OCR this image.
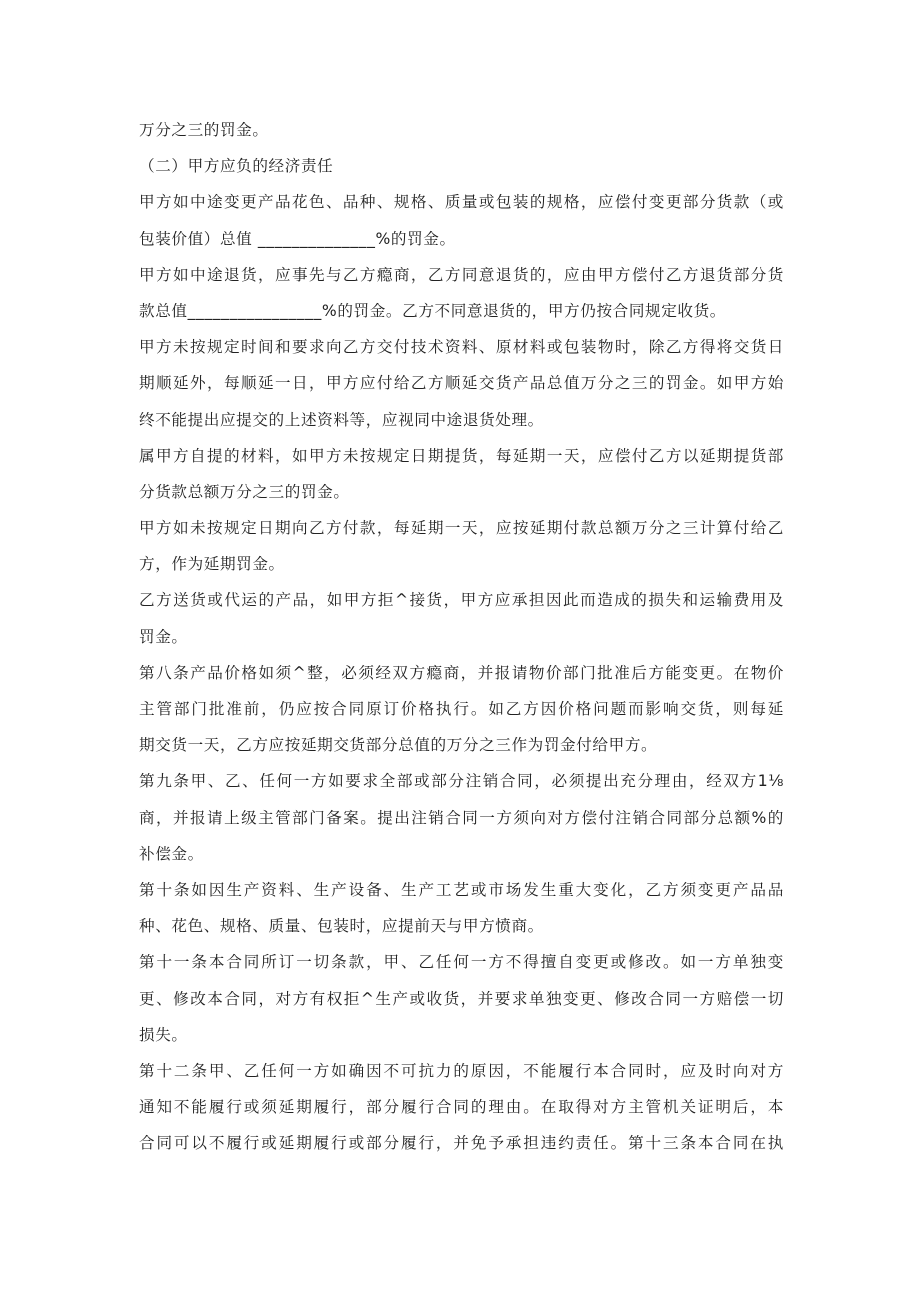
万分之三的罚金。
（二）甲方应负的经济责任
甲方如中途变更产品花色、品种、规格、质量或包装的规格，应偿付变更部分货款（或
包装价值）总值 ______________%的罚金。
甲方如中途退货，应事先与乙方瘾商，乙方同意退货的，应由甲方偿付乙方退货部分货
款总值________________%的罚金。乙方不同意退货的，甲方仍按合同规定收货。
甲方未按规定时间和要求向乙方交付技术资料、原材料或包装物时，除乙方得将交货日
期顺延外，每顺延一日，甲方应付给乙方顺延交货产品总值万分之三的罚金。如甲方始
终不能提出应提交的上述资料等，应视同中途退货处理。
属甲方自提的材料，如甲方未按规定日期提货，每延期一天，应偿付乙方以延期提货部
分货款总额万分之三的罚金。
甲方如未按规定日期向乙方付款，每延期一天，应按延期付款总额万分之三计算付给乙
方，作为延期罚金。
乙方送货或代运的产品，如甲方拒^接货，甲方应承担因此而造成的损失和运输费用及
罚金。
第八条产品价格如须^整，必须经双方瘾商，并报请物价部门批准后方能变更。在物价
主管部门批准前，仍应按合同原订价格执行。如乙方因价格问题而影响交货，则每延
期交货一天，乙方应按延期交货部分总值的万分之三作为罚金付给甲方。
第九条甲、乙、任何一方如要求全部或部分注销合同，必须提出充分理由，经双方1⅛
商，并报请上级主管部门备案。提出注销合同一方须向对方偿付注销合同部分总额%的
补偿金。
第十条如因生产资料、生产设备、生产工艺或市场发生重大变化，乙方须变更产品品
种、花色、规格、质量、包装时，应提前天与甲方愤商。
第十一条本合同所订一切条款，甲、乙任何一方不得擅自变更或修改。如一方单独变
更、修改本合同，对方有权拒^生产或收货，并要求单独变更、修改合同一方赔偿一切
损失。
第十二条甲、乙任何一方如确因不可抗力的原因，不能履行本合同时，应及时向对方
通知不能履行或须延期履行，部分履行合同的理由。在取得对方主管机关证明后，本
合同可以不履行或延期履行或部分履行，并免予承担违约责任。第十三条本合同在执
